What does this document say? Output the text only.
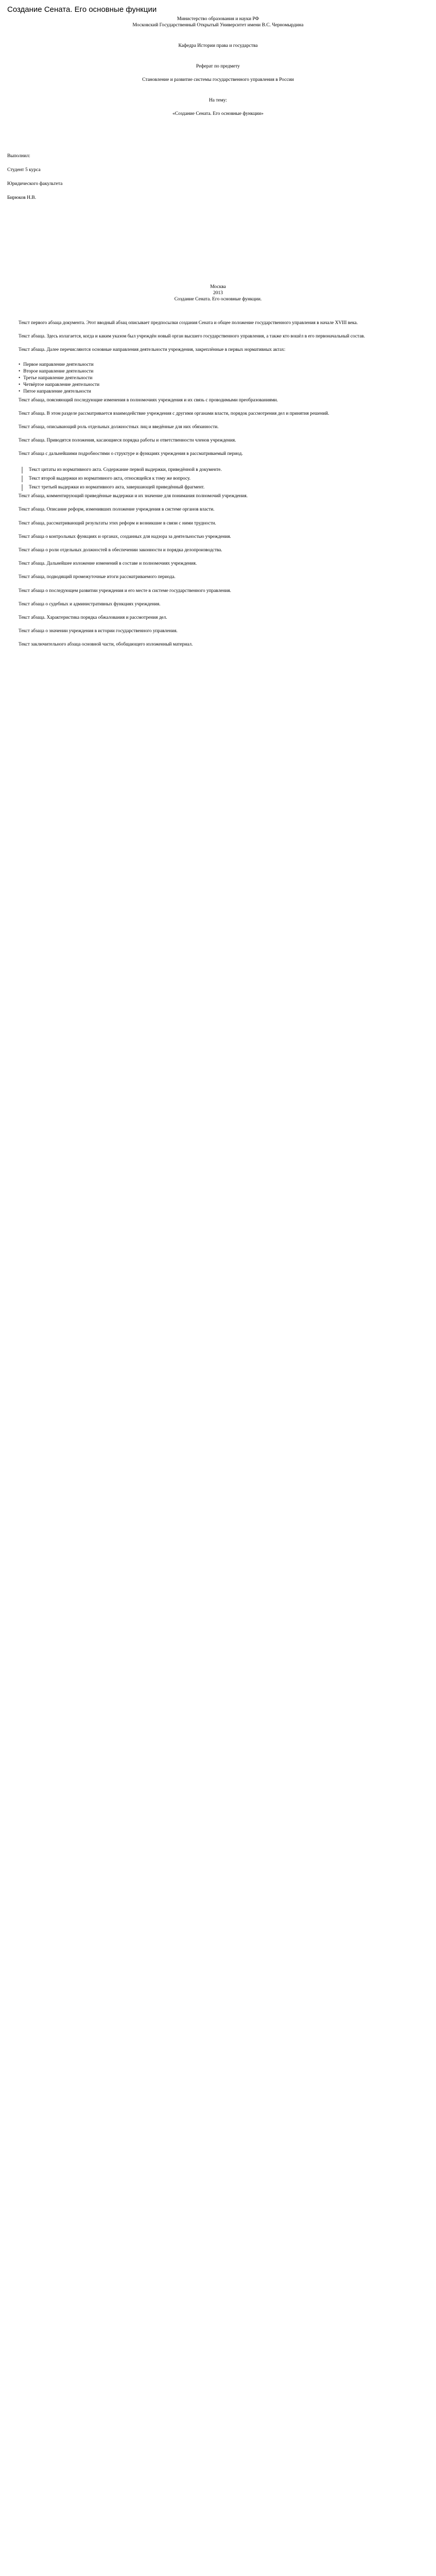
Создание Сената. Его основные функции

Министерство образования и науки РФ

Московский Государственный Открытый Университет имени В.С. Черномырдина

Кафедра Истории права и государства

Реферат по предмету

Становление и развитие системы государственного управления в России

На тему:

«Создание Сената. Его основные функции»

Выполнил:

Студент 5 курса

Юридического факультета

Бирюков Н.В.

Москва

2013

Создание Сената. Его основные функции.

Текст первого абзаца документа. Этот вводный абзац описывает предпосылки создания Сената и общее положение государственного управления в начале XVIII века.

Текст абзаца. Здесь излагается, когда и каким указом был учреждён новый орган высшего государственного управления, а также кто вошёл в его первоначальный состав.

Текст абзаца. Далее перечисляются основные направления деятельности учреждения, закреплённые в первых нормативных актах:

• Первое направление деятельности
• Второе направление деятельности
• Третье направление деятельности
• Четвёртое направление деятельности
• Пятое направление деятельности

Текст абзаца, поясняющий последующие изменения в полномочиях учреждения и их связь с проводимыми преобразованиями.

Текст абзаца. В этом разделе рассматривается взаимодействие учреждения с другими органами власти, порядок рассмотрения дел и принятия решений.

Текст абзаца, описывающий роль отдельных должностных лиц и введённые для них обязанности.

Текст абзаца. Приводятся положения, касающиеся порядка работы и ответственности членов учреждения.

Текст абзаца с дальнейшими подробностями о структуре и функциях учреждения в рассматриваемый период.

Текст цитаты из нормативного акта. Содержание первой выдержки, приведённой в документе.
Текст второй выдержки из нормативного акта, относящейся к тому же вопросу.
Текст третьей выдержки из нормативного акта, завершающей приведённый фрагмент.

Текст абзаца, комментирующий приведённые выдержки и их значение для понимания полномочий учреждения.

Текст абзаца. Описание реформ, изменивших положение учреждения в системе органов власти.

Текст абзаца, рассматривающий результаты этих реформ и возникшие в связи с ними трудности.

Текст абзаца о контрольных функциях и органах, созданных для надзора за деятельностью учреждения.

Текст абзаца о роли отдельных должностей в обеспечении законности и порядка делопроизводства.

Текст абзаца. Дальнейшее изложение изменений в составе и полномочиях учреждения.

Текст абзаца, подводящий промежуточные итоги рассматриваемого периода.

Текст абзаца о последующем развитии учреждения и его месте в системе государственного управления.

Текст абзаца о судебных и административных функциях учреждения.

Текст абзаца. Характеристика порядка обжалования и рассмотрения дел.

Текст абзаца о значении учреждения в истории государственного управления.

Текст заключительного абзаца основной части, обобщающего изложенный материал.
